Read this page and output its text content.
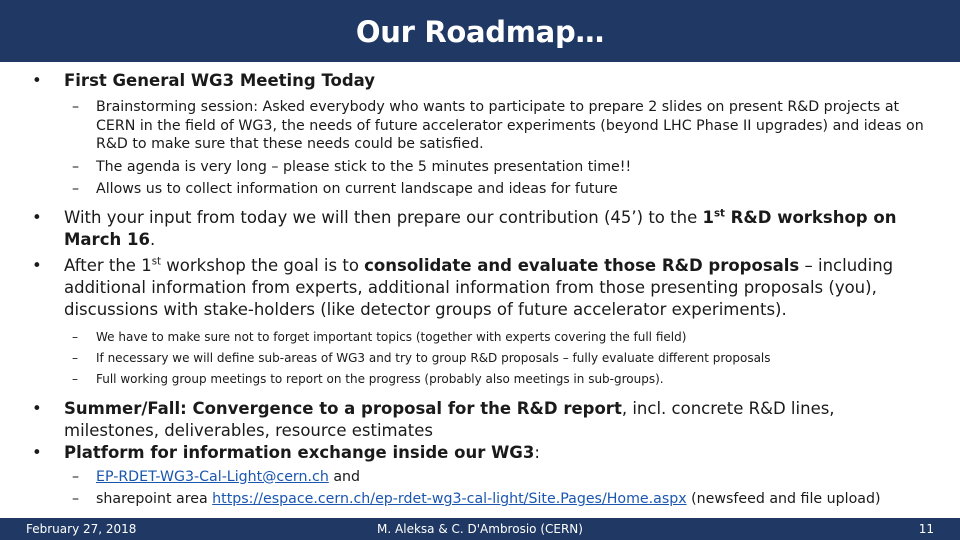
Our Roadmap…
• First General WG3 Meeting Today
– Brainstorming session: Asked everybody who wants to participate to prepare 2 slides on present R&D projects at CERN in the field of WG3, the needs of future accelerator experiments (beyond LHC Phase II upgrades) and ideas on R&D to make sure that these needs could be satisfied.
– The agenda is very long – please stick to the 5 minutes presentation time!!
– Allows us to collect information on current landscape and ideas for future
• With your input from today we will then prepare our contribution (45’) to the 1st R&D workshop on March 16.
• After the 1st workshop the goal is to consolidate and evaluate those R&D proposals – including additional information from experts, additional information from those presenting proposals (you), discussions with stake-holders (like detector groups of future accelerator experiments).
– We have to make sure not to forget important topics (together with experts covering the full field)
– If necessary we will define sub-areas of WG3 and try to group R&D proposals – fully evaluate different proposals
– Full working group meetings to report on the progress (probably also meetings in sub-groups).
• Summer/Fall: Convergence to a proposal for the R&D report, incl. concrete R&D lines, milestones, deliverables, resource estimates
• Platform for information exchange inside our WG3:
– EP-RDET-WG3-Cal-Light@cern.ch and
– sharepoint area https://espace.cern.ch/ep-rdet-wg3-cal-light/Site.Pages/Home.aspx (newsfeed and file upload)
February 27, 2018	M. Aleksa & C. D'Ambrosio (CERN)	11
